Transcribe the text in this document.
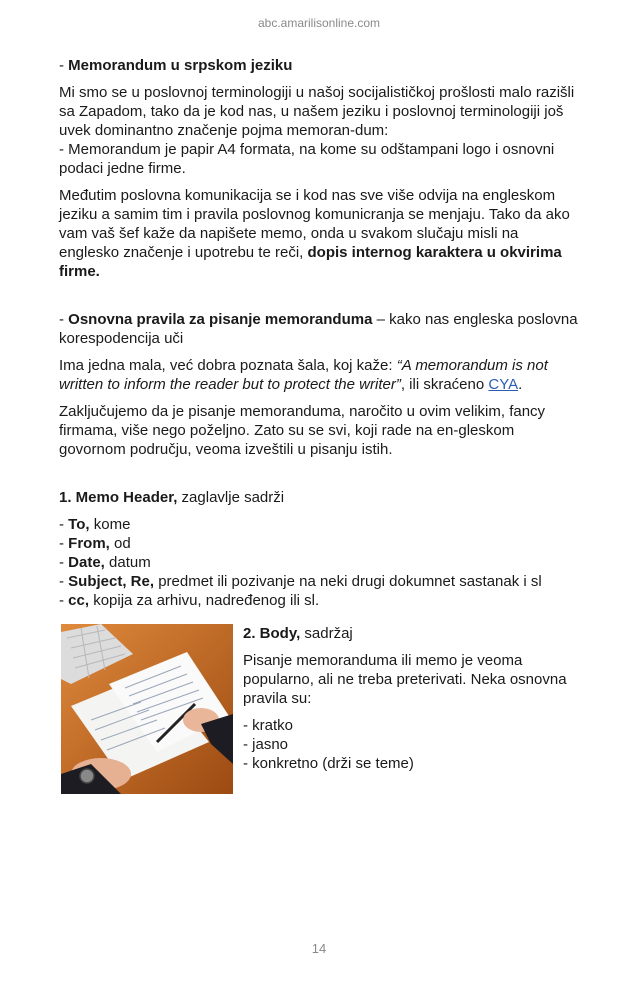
abc.amarilisonline.com

- Memorandum u srpskom jeziku

Mi smo se u poslovnoj terminologiji u našoj socijalističkoj prošlosti malo razišli sa Zapadom, tako da je kod nas, u našem jeziku i poslovnoj terminologiji još uvek dominantno značenje pojma memoran-dum:
- Memorandum je papir A4 formata, na kome su odštampani logo i osnovni podaci jedne firme.

Međutim poslovna komunikacija se i kod nas sve više odvija na engleskom jeziku a samim tim i pravila poslovnog komunicranja se menjaju. Tako da ako vam vaš šef kaže da napišete memo, onda u svakom slučaju misli na englesko značenje i upotrebu te reči, dopis internog karaktera u okvirima firme.

- Osnovna pravila za pisanje memoranduma – kako nas engleska poslovna korespodencija uči

Ima jedna mala, već dobra poznata šala, koj kaže: “A memorandum is not written to inform the reader but to protect the writer”, ili skraćeno CYA.

Zaključujemo da je pisanje memoranduma, naročito u ovim velikim, fancy firmama, više nego poželjno. Zato su se svi, koji rade na en-gleskom govornom području, veoma izveštili u pisanju istih.

1. Memo Header, zaglavlje sadrži

- To, kome
- From, od
- Date, datum
- Subject, Re, predmet ili pozivanje na neki drugi dokumnet sastanak i sl
- cc, kopija za arhivu, nadređenog ili sl.

2. Body, sadržaj

Pisanje memoranduma ili memo je veoma popularno, ali ne treba preterivati. Neka osnovna pravila su:

- kratko
- jasno
- konkretno (drži se teme)
14
